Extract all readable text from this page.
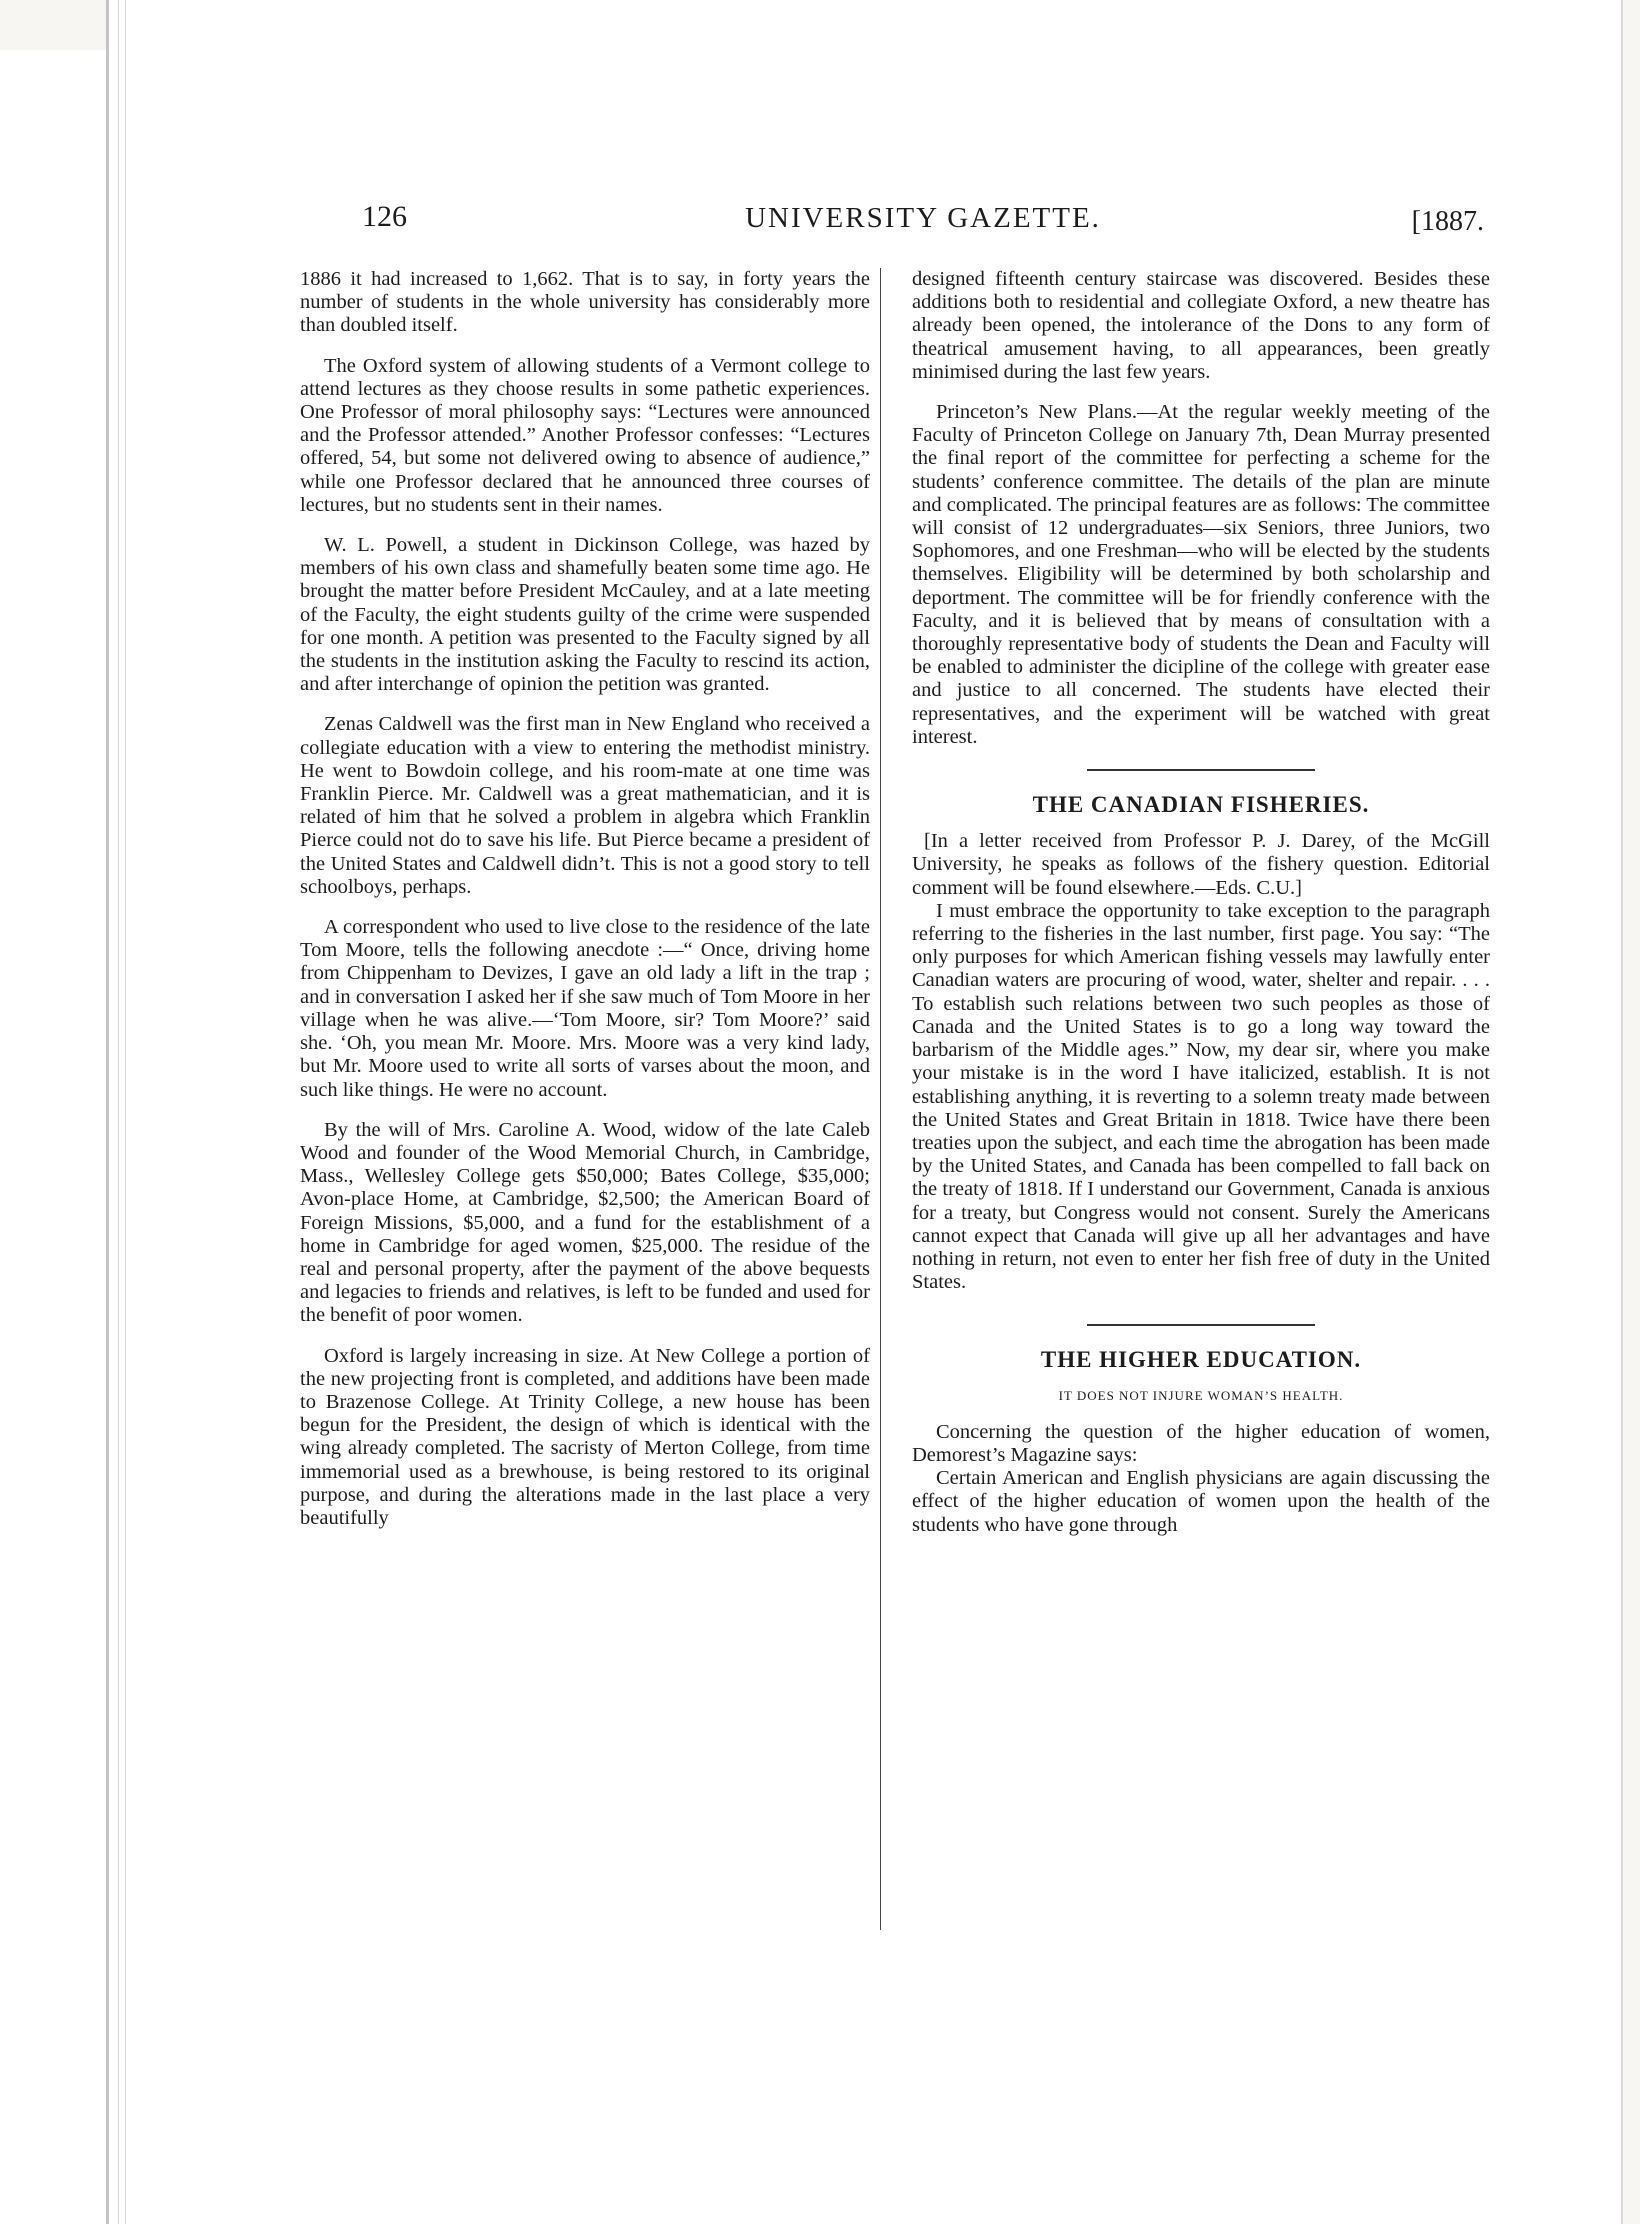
126	UNIVERSITY GAZETTE.	[1887.

1886 it had increased to 1,662. That is to say, in forty years the number of students in the whole university has considerably more than doubled itself.

The Oxford system of allowing students of a Vermont college to attend lectures as they choose results in some pathetic experiences. One Professor of moral philosophy says: “Lectures were announced and the Professor attended.” Another Professor confesses: “Lectures offered, 54, but some not delivered owing to absence of audience,” while one Professor declared that he announced three courses of lectures, but no students sent in their names.

W. L. Powell, a student in Dickinson College, was hazed by members of his own class and shamefully beaten some time ago. He brought the matter before President McCauley, and at a late meeting of the Faculty, the eight students guilty of the crime were suspended for one month. A petition was presented to the Faculty signed by all the students in the institution asking the Faculty to rescind its action, and after interchange of opinion the petition was granted.

Zenas Caldwell was the first man in New England who received a collegiate education with a view to entering the methodist ministry. He went to Bowdoin college, and his room-mate at one time was Franklin Pierce. Mr. Caldwell was a great mathematician, and it is related of him that he solved a problem in algebra which Franklin Pierce could not do to save his life. But Pierce became a president of the United States and Caldwell didn’t. This is not a good story to tell schoolboys, perhaps.

A correspondent who used to live close to the residence of the late Tom Moore, tells the following anecdote :—“ Once, driving home from Chippenham to Devizes, I gave an old lady a lift in the trap ; and in conversation I asked her if she saw much of Tom Moore in her village when he was alive.—‘Tom Moore, sir? Tom Moore?’ said she. ‘Oh, you mean Mr. Moore. Mrs. Moore was a very kind lady, but Mr. Moore used to write all sorts of varses about the moon, and such like things. He were no account.

By the will of Mrs. Caroline A. Wood, widow of the late Caleb Wood and founder of the Wood Memorial Church, in Cambridge, Mass., Wellesley College gets $50,000; Bates College, $35,000; Avon-place Home, at Cambridge, $2,500; the American Board of Foreign Missions, $5,000, and a fund for the establishment of a home in Cambridge for aged women, $25,000. The residue of the real and personal property, after the payment of the above bequests and legacies to friends and relatives, is left to be funded and used for the benefit of poor women.

Oxford is largely increasing in size. At New College a portion of the new projecting front is completed, and additions have been made to Brazenose College. At Trinity College, a new house has been begun for the President, the design of which is identical with the wing already completed. The sacristy of Merton College, from time immemorial used as a brewhouse, is being restored to its original purpose, and during the alterations made in the last place a very beautifully

designed fifteenth century staircase was discovered. Besides these additions both to residential and collegiate Oxford, a new theatre has already been opened, the intolerance of the Dons to any form of theatrical amusement having, to all appearances, been greatly minimised during the last few years.

Princeton’s New Plans.—At the regular weekly meeting of the Faculty of Princeton College on January 7th, Dean Murray presented the final report of the committee for perfecting a scheme for the students’ conference committee. The details of the plan are minute and complicated. The principal features are as follows: The committee will consist of 12 undergraduates—six Seniors, three Juniors, two Sophomores, and one Freshman—who will be elected by the students themselves. Eligibility will be determined by both scholarship and deportment. The committee will be for friendly conference with the Faculty, and it is believed that by means of consultation with a thoroughly representative body of students the Dean and Faculty will be enabled to administer the dicipline of the college with greater ease and justice to all concerned. The students have elected their representatives, and the experiment will be watched with great interest.

THE CANADIAN FISHERIES.

[In a letter received from Professor P. J. Darey, of the McGill University, he speaks as follows of the fishery question. Editorial comment will be found elsewhere.—Eds. C.U.]

I must embrace the opportunity to take exception to the paragraph referring to the fisheries in the last number, first page. You say: “The only purposes for which American fishing vessels may lawfully enter Canadian waters are procuring of wood, water, shelter and repair. . . . To establish such relations between two such peoples as those of Canada and the United States is to go a long way toward the barbarism of the Middle ages.” Now, my dear sir, where you make your mistake is in the word I have italicized, establish. It is not establishing anything, it is reverting to a solemn treaty made between the United States and Great Britain in 1818. Twice have there been treaties upon the subject, and each time the abrogation has been made by the United States, and Canada has been compelled to fall back on the treaty of 1818. If I understand our Government, Canada is anxious for a treaty, but Congress would not consent. Surely the Americans cannot expect that Canada will give up all her advantages and have nothing in return, not even to enter her fish free of duty in the United States.

THE HIGHER EDUCATION.
IT DOES NOT INJURE WOMAN’S HEALTH.

Concerning the question of the higher education of women, Demorest’s Magazine says:

Certain American and English physicians are again discussing the effect of the higher education of women upon the health of the students who have gone through
